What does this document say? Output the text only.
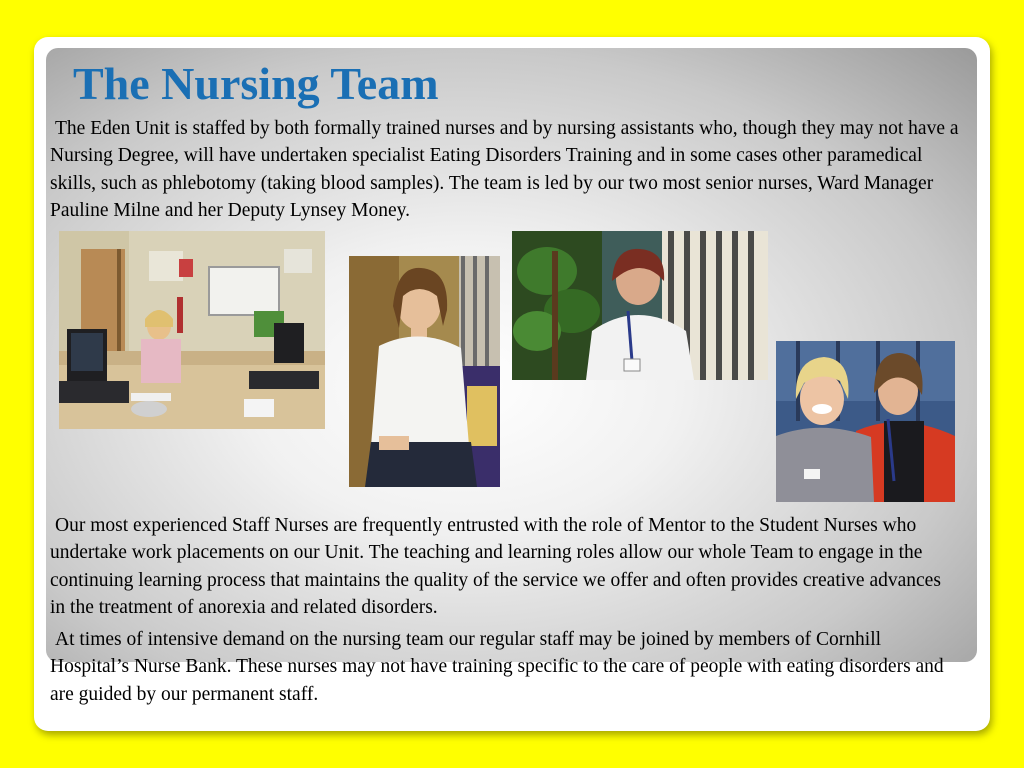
The Nursing Team

The Eden Unit is staffed by both formally trained nurses and by nursing assistants who, though they may not have a Nursing Degree, will have undertaken specialist Eating Disorders Training and in some cases other paramedical skills, such as phlebotomy (taking blood samples). The team is led by our two most senior nurses, Ward Manager Pauline Milne and her Deputy Lynsey Money.

Our most experienced Staff Nurses are frequently entrusted with the role of Mentor to the Student Nurses who undertake work placements on our Unit. The teaching and learning roles allow our whole Team to engage in the continuing learning process that maintains the quality of the service we offer and often provides creative advances in the treatment of anorexia and related disorders.

At times of intensive demand on the nursing team our regular staff may be joined by members of Cornhill Hospital’s Nurse Bank. These nurses may not have training specific to the care of people with eating disorders and are guided by our permanent staff.
